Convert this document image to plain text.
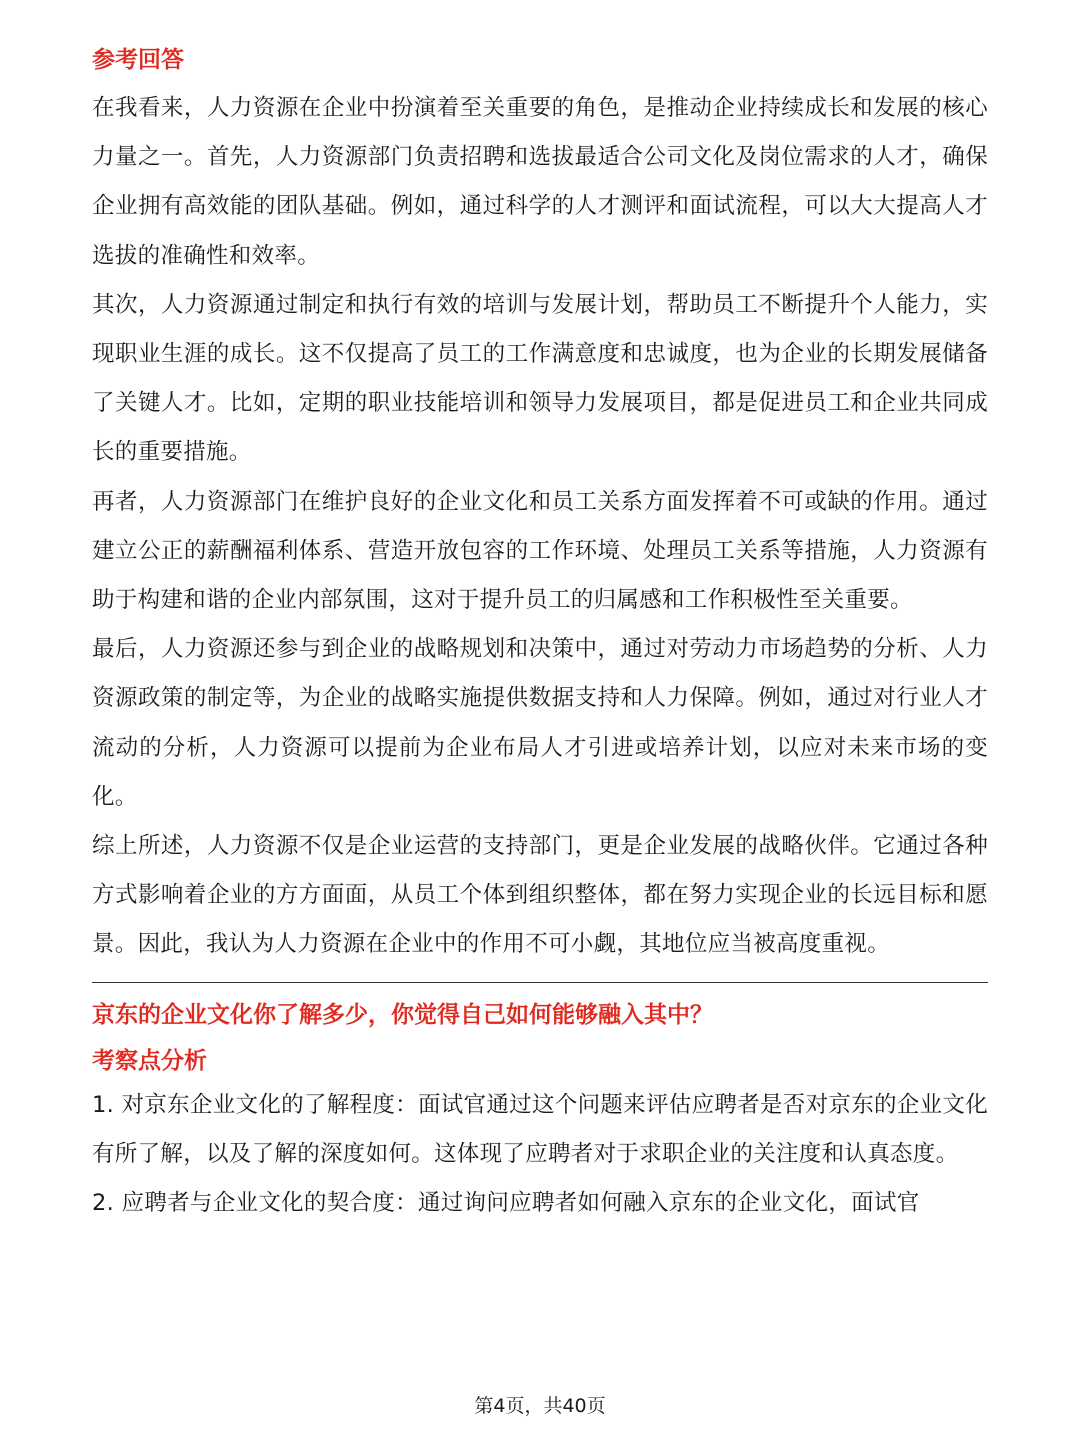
参考回答

在我看来，人力资源在企业中扮演着至关重要的角色，是推动企业持续成长和发展的核心力量之一。首先，人力资源部门负责招聘和选拔最适合公司文化及岗位需求的人才，确保企业拥有高效能的团队基础。例如，通过科学的人才测评和面试流程，可以大大提高人才选拔的准确性和效率。

其次，人力资源通过制定和执行有效的培训与发展计划，帮助员工不断提升个人能力，实现职业生涯的成长。这不仅提高了员工的工作满意度和忠诚度，也为企业的长期发展储备了关键人才。比如，定期的职业技能培训和领导力发展项目，都是促进员工和企业共同成长的重要措施。

再者，人力资源部门在维护良好的企业文化和员工关系方面发挥着不可或缺的作用。通过建立公正的薪酬福利体系、营造开放包容的工作环境、处理员工关系等措施，人力资源有助于构建和谐的企业内部氛围，这对于提升员工的归属感和工作积极性至关重要。

最后，人力资源还参与到企业的战略规划和决策中，通过对劳动力市场趋势的分析、人力资源政策的制定等，为企业的战略实施提供数据支持和人力保障。例如，通过对行业人才流动的分析，人力资源可以提前为企业布局人才引进或培养计划，以应对未来市场的变化。

综上所述，人力资源不仅是企业运营的支持部门，更是企业发展的战略伙伴。它通过各种方式影响着企业的方方面面，从员工个体到组织整体，都在努力实现企业的长远目标和愿景。因此，我认为人力资源在企业中的作用不可小觑，其地位应当被高度重视。

京东的企业文化你了解多少，你觉得自己如何能够融入其中？

考察点分析

1. 对京东企业文化的了解程度：面试官通过这个问题来评估应聘者是否对京东的企业文化有所了解，以及了解的深度如何。这体现了应聘者对于求职企业的关注度和认真态度。

2. 应聘者与企业文化的契合度：通过询问应聘者如何融入京东的企业文化，面试官

第4页，共40页
